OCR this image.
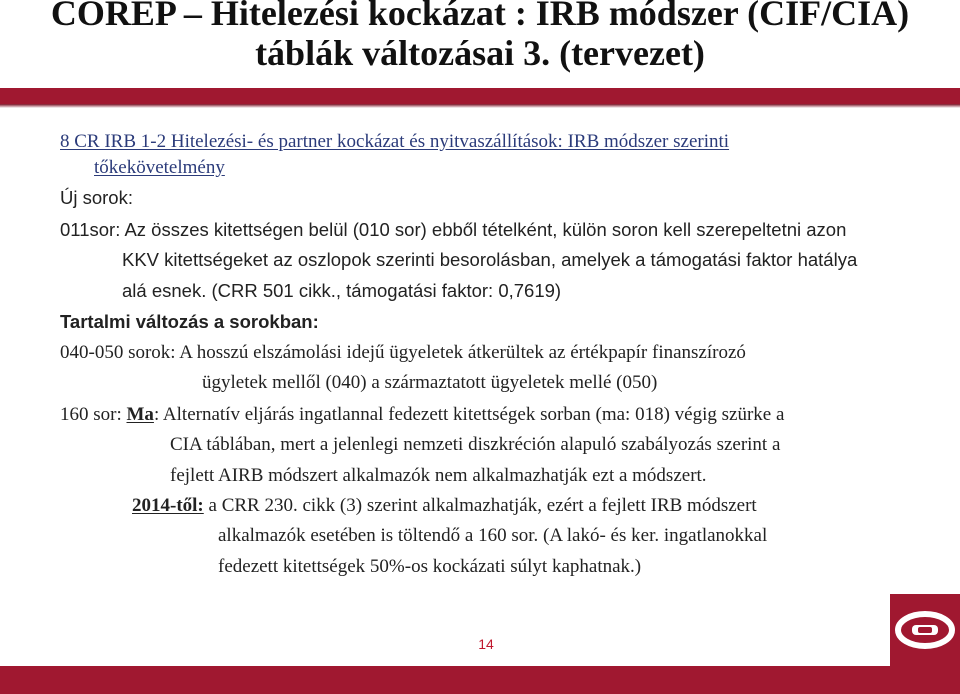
COREP – Hitelezési kockázat : IRB módszer (CIF/CIA)
táblák változásai 3. (tervezet)
8 CR IRB 1-2 Hitelezési- és partner kockázat és nyitvaszállítások: IRB módszer szerinti
tőkekövetelmény
Új sorok:
011sor: Az összes kitettségen belül (010 sor) ebből tételként, külön soron kell szerepeltetni azon
KKV kitettségeket az oszlopok szerinti besorolásban, amelyek a támogatási faktor hatálya
alá esnek. (CRR 501 cikk., támogatási faktor: 0,7619)
Tartalmi változás a sorokban:
040-050 sorok: A hosszú elszámolási idejű ügyeletek átkerültek az értékpapír finanszírozó
ügyletek mellől (040) a származtatott ügyeletek mellé (050)
160 sor: Ma: Alternatív eljárás ingatlannal fedezett kitettségek sorban (ma: 018) végig szürke a
CIA táblában, mert a jelenlegi nemzeti diszkréción alapuló szabályozás szerint a
fejlett AIRB módszert alkalmazók nem alkalmazhatják ezt a módszert.
2014-től: a CRR 230. cikk (3) szerint alkalmazhatják, ezért a fejlett IRB módszert
alkalmazók esetében is töltendő a 160 sor. (A lakó- és ker. ingatlanokkal
fedezett kitettségek 50%-os kockázati súlyt kaphatnak.)
14
